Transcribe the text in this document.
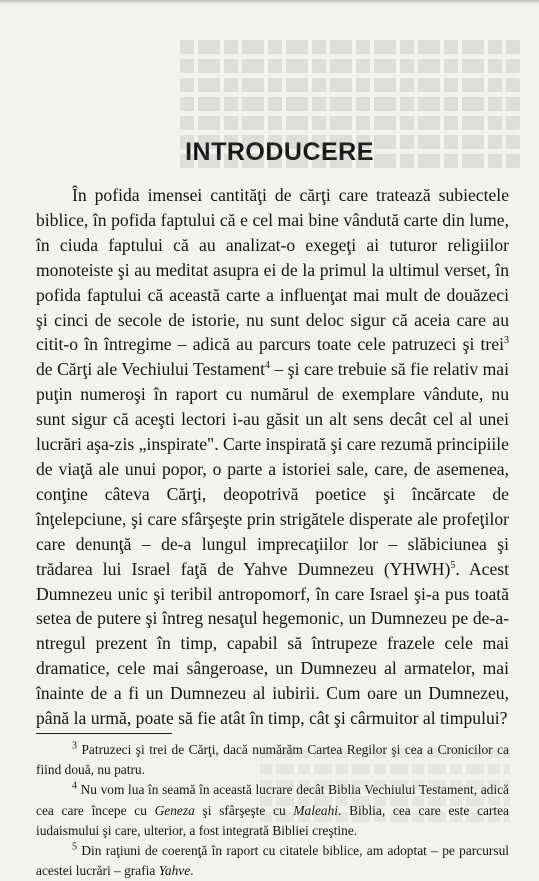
INTRODUCERE

În pofida imensei cantităţi de cărţi care tratează subiectele biblice, în pofida faptului că e cel mai bine vândută carte din lume, în ciuda faptului că au analizat-o exegeţi ai tuturor religiilor monoteiste şi au meditat asupra ei de la primul la ultimul verset, în pofida faptului că această carte a influenţat mai mult de douăzeci şi cinci de secole de istorie, nu sunt deloc sigur că aceia care au citit-o în întregime – adică au parcurs toate cele patruzeci şi trei$^3$ de Cărţi ale Vechiului Testament$^4$ – şi care trebuie să fie relativ mai puţin numeroşi în raport cu numărul de exemplare vândute, nu sunt sigur că aceşti lectori i-au găsit un alt sens decât cel al unei lucrări aşa-zis „inspirate". Carte inspirată şi care rezumă principiile de viaţă ale unui popor, o parte a istoriei sale, care, de asemenea, conţine câteva Cărţi, deopotrivă poetice şi încărcate de înţelepciune, şi care sfârşeşte prin strigătele disperate ale profeţilor care denunţă – de-a lungul imprecaţiilor lor – slăbiciunea şi trădarea lui Israel faţă de Yahve Dumnezeu (YHWH)$^5$. Acest Dumnezeu unic şi teribil antropomorf, în care Israel şi-a pus toată setea de putere şi întreg nesaţul hegemonic, un Dumnezeu pe de-a-ntregul prezent în timp, capabil să întrupeze frazele cele mai dramatice, cele mai sângeroase, un Dumnezeu al armatelor, mai înainte de a fi un Dumnezeu al iubirii. Cum oare un Dumnezeu, până la urmă, poate să fie atât în timp, cât şi cârmuitor al timpului?

$^3$ Patruzeci şi trei de Cărţi, dacă numărăm Cartea Regilor şi cea a Cronicilor ca fiind două, nu patru.

$^4$ Nu vom lua în seamă în această lucrare decât Biblia Vechiului Testament, adică cea care începe cu Geneza şi sfârşeşte cu Maleahi. Biblia, cea care este cartea iudaismului şi care, ulterior, a fost integrată Bibliei creştine.

$^5$ Din raţiuni de coerenţă în raport cu citatele biblice, am adoptat – pe parcursul acestei lucrări – grafia Yahve.
